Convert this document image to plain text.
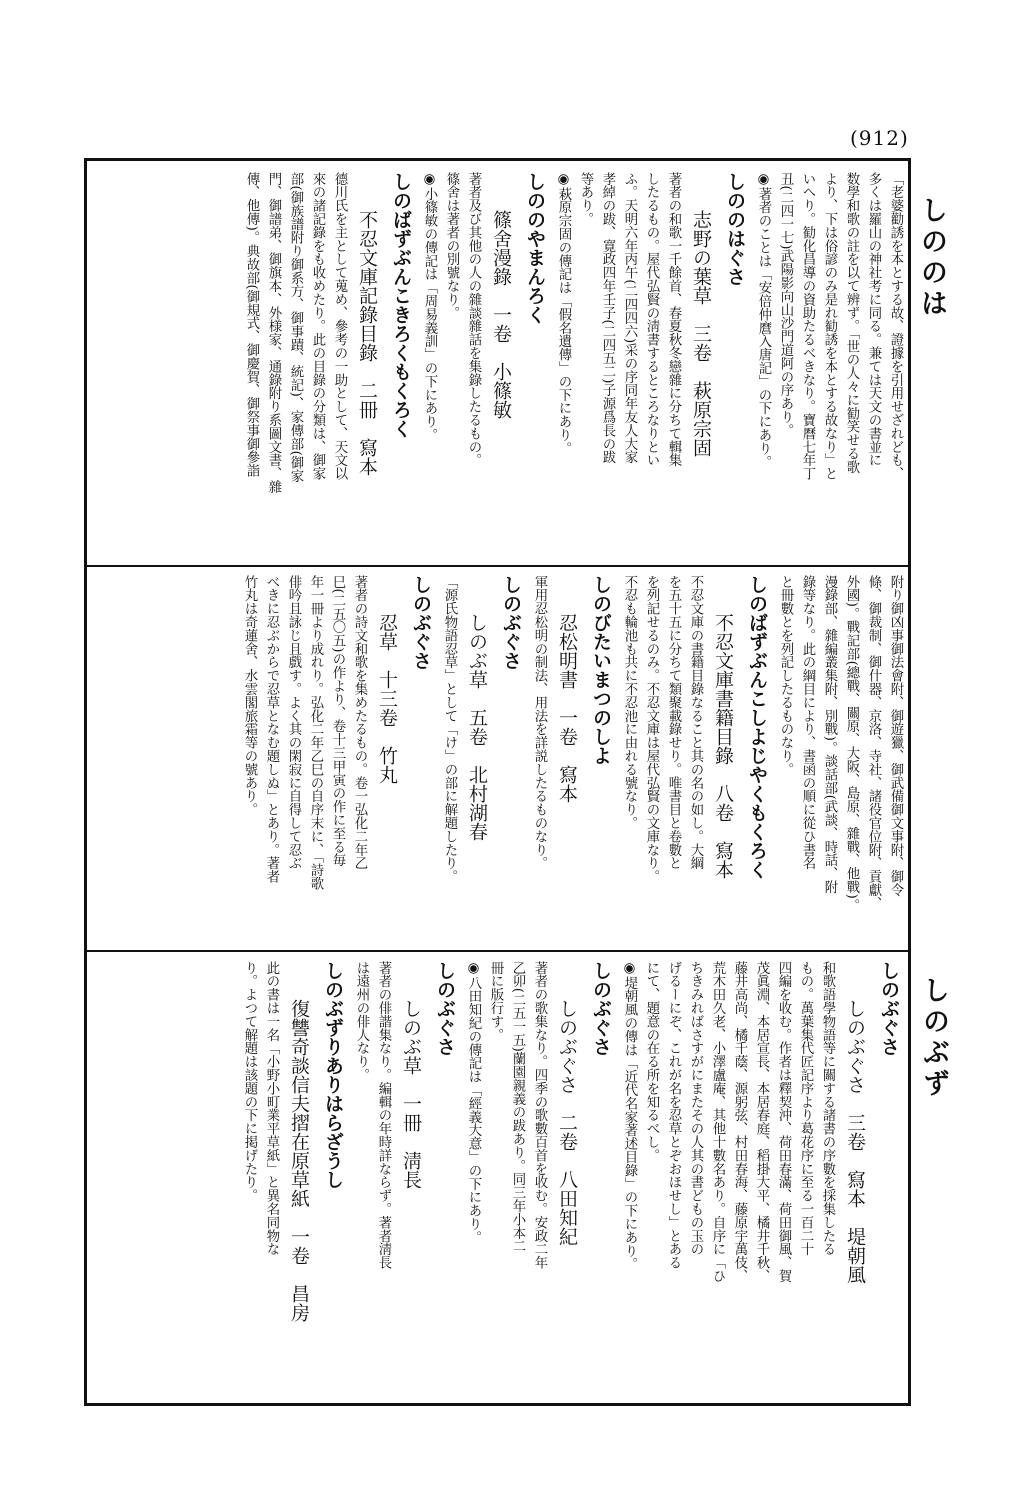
(912)
しののは
しのぶず
「老婆勸誘を本とする故、證據を引用せざれども、
多くは羅山の神社考に同る。兼ては天文の書並に
数學和歌の註を以て辨ず。「世の人々に勧笑せる歌
より、下は俗諺のみ是れ勧誘を本とする故なり」と
いへり。勧化昌導の資助たるべきなり。寶曆七年丁
丑(二四一七)武陽影向山沙門道阿の序あり。
◉著者のことは「安倍仲麿入唐記」の下にあり。
しののはぐさ
志野の葉草　三卷　萩原宗固
著者の和歌一千餘首、春夏秋冬戀雜に分ちて輯集
したるもの。屋代弘賢の淸書するところなりとい
ふ。天明六年丙午(二四四六)采の序同年友人大家
孝綽の跋、寛政四年壬子(二四五二)子源爲長の跋
等あり。
◉萩原宗固の傳記は「假名遺傳」の下にあり。
しののやまんろく
篠舍漫錄　一卷　小篠敏
著者及び其他の人の雜談雜話を集錄したるもの。
篠舍は著者の別號なり。
◉小篠敏の傳記は「周易義訓」の下にあり。
しのばずぶんこきろくもくろく
不忍文庫記錄目錄　二冊　寫本
德川氏を主として蒐め、參考の一助として、天文以
來の諸記錄をも收めたり。此の目錄の分類は、御家
部(御族譜附り御系方、御事蹟、統記)、家傳部(御家
門、御譜弟、御旗本、外様家、通錄附り系圖文書、雜
傳、他傳)。典故部(御規式、御慶賀、御祭事御參詣
附り御凶事御法會附、御遊獵、御武備御文事附、御令
條、御裁制、御什器、京洛、寺社、諸役官位附、貢獻、
外國)。戰記部(總戰、關原、大阪、島原、雜戰、他戰)。
漫錄部、雜編叢集附、別戰)。談話部(武談、時話、附
錄等なり。此の綱目により、書函の順に從ひ書名
と冊數とを列記したるものなり。
しのばずぶんこしよじやくもくろく
不忍文庫書籍目錄　八卷　寫本
不忍文庫の書籍目錄なること其の名の如し。大綱
を五十五に分ちて類聚載錄せり。唯書目と卷數と
を列記せるのみ。不忍文庫は屋代弘賢の文庫なり。
不忍も輪池も共に不忍池に由れる號なり。
しのびたいまつのしよ
忍松明書　一卷　寫本
軍用忍松明の制法、用法を詳説したるものなり。
しのぶぐさ
しのぶ草　五卷　北村湖春
「源氏物語忍草」として「け」の部に解題したり。
しのぶぐさ
忍草　十三卷　竹丸
著者の詩文和歌を集めたるもの。卷一弘化二年乙
巳(二五〇五)の作より、卷十三甲寅の作に至る毎
年一冊より成れり。弘化二年乙巳の自序末に、「詩歌
俳吟且詠じ且戲す。よく其の閑寂に自得して忍ぶ
べきに忍ぶからで忍草となむ題しぬ」とあり。著者
竹丸は奇蓮舍、水雲閣旅霜等の號あり。
しのぶぐさ
しのぶぐさ　三卷　寫本　堤朝風
和歌語學物語等に關する諸書の序數を採集したる
もの。萬葉集代匠記序より葛花序に至る一百二十
四編を收む。作者は釋契沖、荷田春滿、荷田御風、賀
茂眞淵、本居宣長、本居春庭、稻掛大平、橘井千秋、
藤井高尚、橘千蔭、源躬弦、村田春海、藤原宇萬伎、
荒木田久老、小澤盧庵、其他十數名あり。自序に「ひ
ちきみればさすがにまたその人其の書どもの玉の
げるーにぞ、これが名を忍草とぞおほせし」とある
にて、題意の在る所を知るべし。
◉堤朝風の傳は「近代名家著述目錄」の下にあり。
しのぶぐさ
しのぶぐさ　二卷　八田知紀
著者の歌集なり。四季の歌數百首を收む。安政二年
乙卯(二五一五)蘭園親義の跋あり。同三年小本二
冊に版行す。
◉八田知紀の傳記は「經義大意」の下にあり。
しのぶぐさ
しのぶ草　一冊　淸長
著者の俳諧集なり。編輯の年時詳ならず。著者淸長
は遠州の俳人なり。
しのぶずりありはらざうし
復讐奇談信夫摺在原草紙　一卷　昌房
此の書は一名「小野小町業平草紙」と異名同物な
り。よつて解題は該題の下に掲げたり。
